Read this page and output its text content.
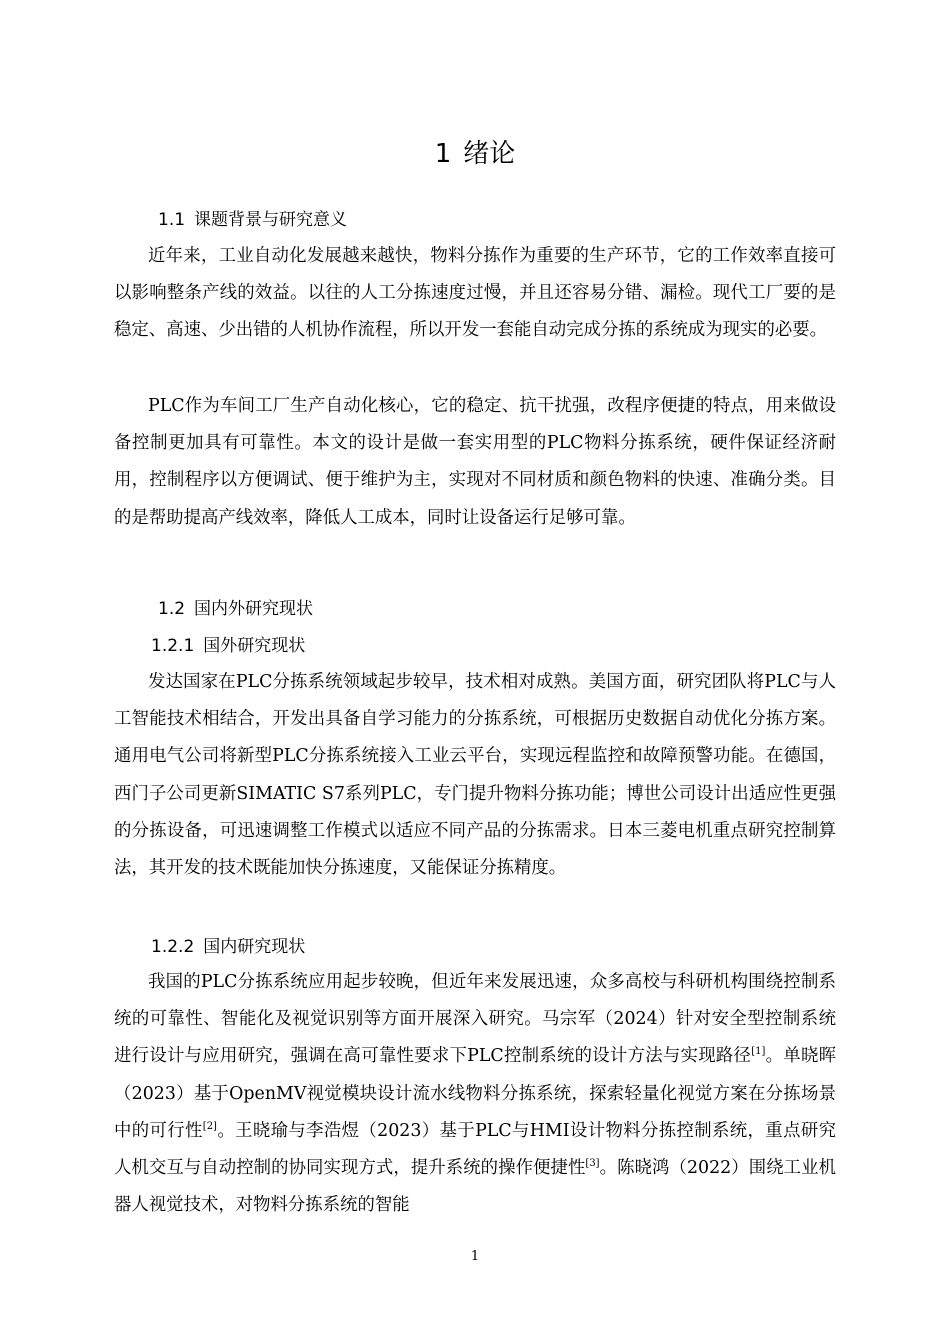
1 绪论
1.1 课题背景与研究意义

近年来，工业自动化发展越来越快，物料分拣作为重要的生产环节，它的工作效率直接可以影响整条产线的效益。以往的人工分拣速度过慢，并且还容易分错、漏检。现代工厂要的是稳定、高速、少出错的人机协作流程，所以开发一套能自动完成分拣的系统成为现实的必要。

PLC作为车间工厂生产自动化核心，它的稳定、抗干扰强，改程序便捷的特点，用来做设备控制更加具有可靠性。本文的设计是做一套实用型的PLC物料分拣系统，硬件保证经济耐用，控制程序以方便调试、便于维护为主，实现对不同材质和颜色物料的快速、准确分类。目的是帮助提高产线效率，降低人工成本，同时让设备运行足够可靠。

1.2 国内外研究现状
1.2.1 国外研究现状

发达国家在PLC分拣系统领域起步较早，技术相对成熟。美国方面，研究团队将PLC与人工智能技术相结合，开发出具备自学习能力的分拣系统，可根据历史数据自动优化分拣方案。通用电气公司将新型PLC分拣系统接入工业云平台，实现远程监控和故障预警功能。在德国，西门子公司更新SIMATIC S7系列PLC，专门提升物料分拣功能；博世公司设计出适应性更强的分拣设备，可迅速调整工作模式以适应不同产品的分拣需求。日本三菱电机重点研究控制算法，其开发的技术既能加快分拣速度，又能保证分拣精度。

1.2.2 国内研究现状

我国的PLC分拣系统应用起步较晚，但近年来发展迅速，众多高校与科研机构围绕控制系统的可靠性、智能化及视觉识别等方面开展深入研究。马宗军（2024）针对安全型控制系统进行设计与应用研究，强调在高可靠性要求下PLC控制系统的设计方法与实现路径[1]。单晓晖（2023）基于OpenMV视觉模块设计流水线物料分拣系统，探索轻量化视觉方案在分拣场景中的可行性[2]。王晓瑜与李浩煜（2023）基于PLC与HMI设计物料分拣控制系统，重点研究人机交互与自动控制的协同实现方式，提升系统的操作便捷性[3]。陈晓鸿（2022）围绕工业机器人视觉技术，对物料分拣系统的智能

1
